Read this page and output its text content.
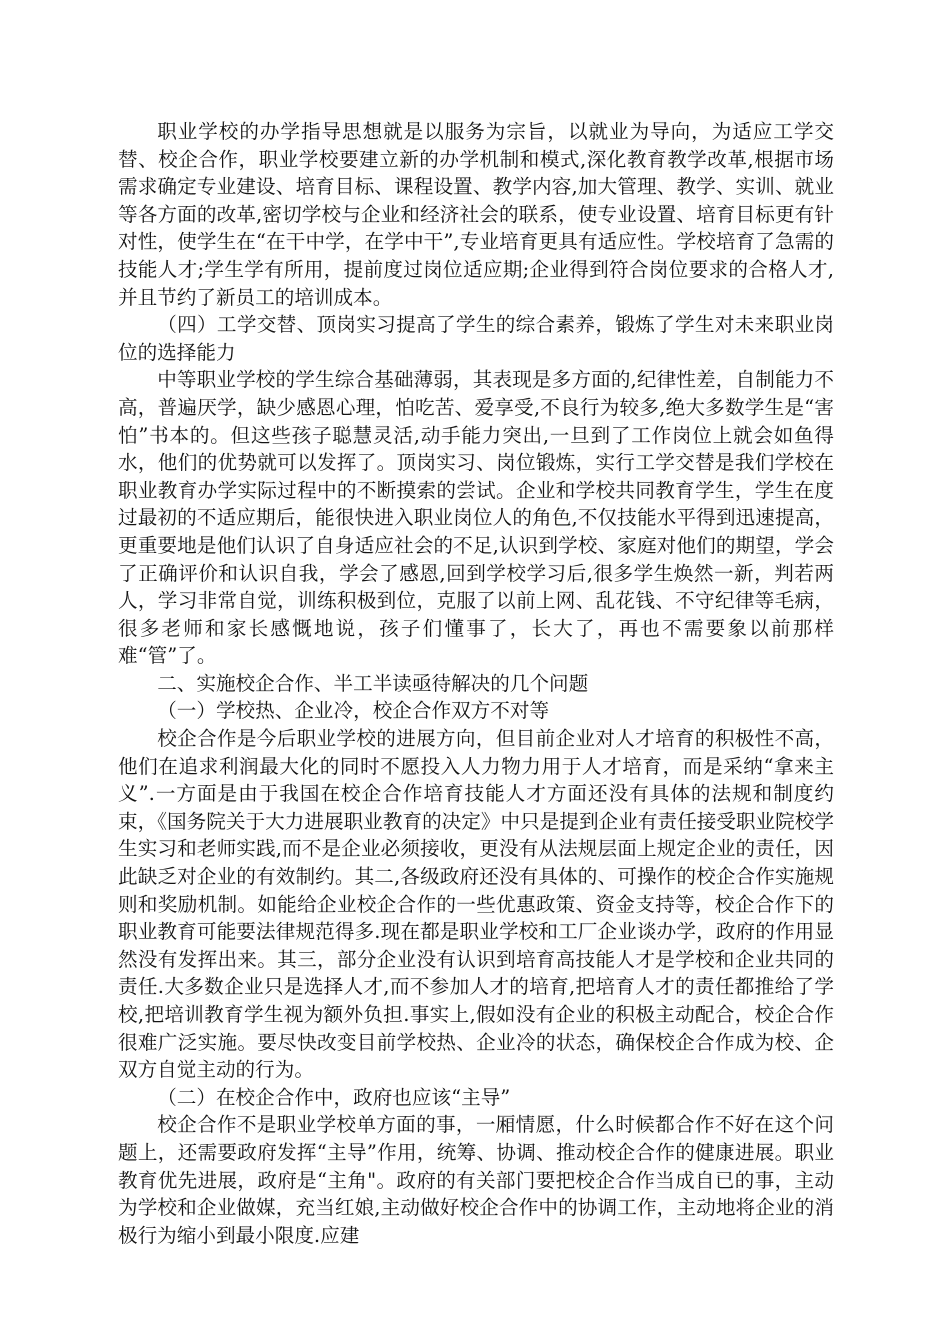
职业学校的办学指导思想就是以服务为宗旨，以就业为导向，为适应工学交替、校企合作，职业学校要建立新的办学机制和模式,深化教育教学改革,根据市场需求确定专业建设、培育目标、课程设置、教学内容,加大管理、教学、实训、就业等各方面的改革,密切学校与企业和经济社会的联系，使专业设置、培育目标更有针对性，使学生在“在干中学，在学中干”,专业培育更具有适应性。学校培育了急需的技能人才;学生学有所用，提前度过岗位适应期;企业得到符合岗位要求的合格人才,并且节约了新员工的培训成本。

（四）工学交替、顶岗实习提高了学生的综合素养，锻炼了学生对未来职业岗位的选择能力

中等职业学校的学生综合基础薄弱，其表现是多方面的,纪律性差，自制能力不高，普遍厌学，缺少感恩心理，怕吃苦、爱享受,不良行为较多,绝大多数学生是“害怕”书本的。但这些孩子聪慧灵活,动手能力突出,一旦到了工作岗位上就会如鱼得水，他们的优势就可以发挥了。顶岗实习、岗位锻炼，实行工学交替是我们学校在职业教育办学实际过程中的不断摸索的尝试。企业和学校共同教育学生，学生在度过最初的不适应期后，能很快进入职业岗位人的角色,不仅技能水平得到迅速提高，更重要地是他们认识了自身适应社会的不足,认识到学校、家庭对他们的期望，学会了正确评价和认识自我，学会了感恩,回到学校学习后,很多学生焕然一新，判若两人，学习非常自觉，训练积极到位，克服了以前上网、乱花钱、不守纪律等毛病，很多老师和家长感慨地说，孩子们懂事了，长大了，再也不需要象以前那样难“管”了。

二、实施校企合作、半工半读亟待解决的几个问题

（一）学校热、企业冷，校企合作双方不对等

校企合作是今后职业学校的进展方向，但目前企业对人才培育的积极性不高，他们在追求利润最大化的同时不愿投入人力物力用于人才培育，而是采纳“拿来主义”.一方面是由于我国在校企合作培育技能人才方面还没有具体的法规和制度约束，《国务院关于大力进展职业教育的决定》中只是提到企业有责任接受职业院校学生实习和老师实践,而不是企业必须接收，更没有从法规层面上规定企业的责任，因此缺乏对企业的有效制约。其二,各级政府还没有具体的、可操作的校企合作实施规则和奖励机制。如能给企业校企合作的一些优惠政策、资金支持等，校企合作下的职业教育可能要法律规范得多.现在都是职业学校和工厂企业谈办学，政府的作用显然没有发挥出来。其三，部分企业没有认识到培育高技能人才是学校和企业共同的责任.大多数企业只是选择人才,而不参加人才的培育,把培育人才的责任都推给了学校,把培训教育学生视为额外负担.事实上,假如没有企业的积极主动配合，校企合作很难广泛实施。要尽快改变目前学校热、企业冷的状态，确保校企合作成为校、企双方自觉主动的行为。

（二）在校企合作中，政府也应该“主导”

校企合作不是职业学校单方面的事，一厢情愿，什么时候都合作不好在这个问题上，还需要政府发挥“主导”作用，统筹、协调、推动校企合作的健康进展。职业教育优先进展，政府是“主角"。政府的有关部门要把校企合作当成自已的事，主动为学校和企业做媒，充当红娘,主动做好校企合作中的协调工作，主动地将企业的消极行为缩小到最小限度.应建
